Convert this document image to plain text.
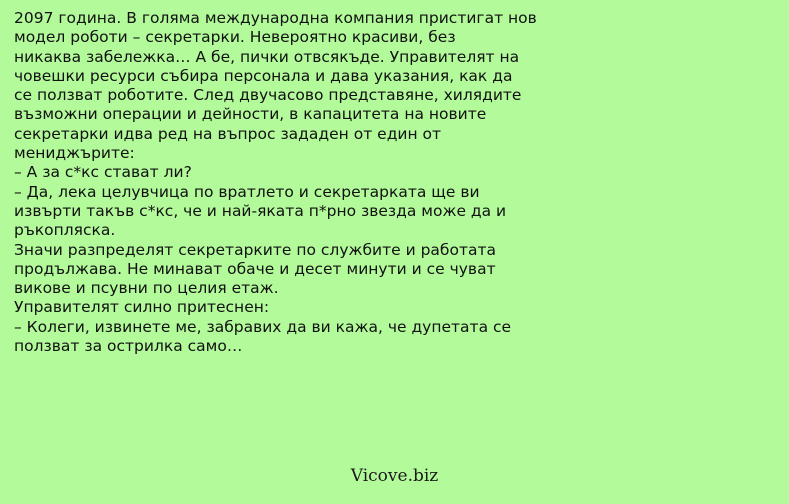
2097 година. В голяма международна компания пристигат нов
модел роботи – секретарки. Невероятно красиви, без
никаква забележка… А бе, пички отвсякъде. Управителят на
човешки ресурси събира персонала и дава указания, как да
се ползват роботите. След двучасово представяне, хилядите
възможни операции и дейности, в капацитета на новите
секретарки идва ред на въпрос зададен от един от
мениджърите:
– А за с*кс стават ли?
– Да, лека целувчица по вратлето и секретарката ще ви
извърти такъв с*кс, че и най-яката п*рно звезда може да и
ръкопляска.
Значи разпределят секретарките по службите и работата
продължава. Не минават обаче и десет минути и се чуват
викове и псувни по целия етаж.
Управителят силно притеснен:
– Колеги, извинете ме, забравих да ви кажа, че дупетата се
ползват за острилка само…
Vicove.biz
